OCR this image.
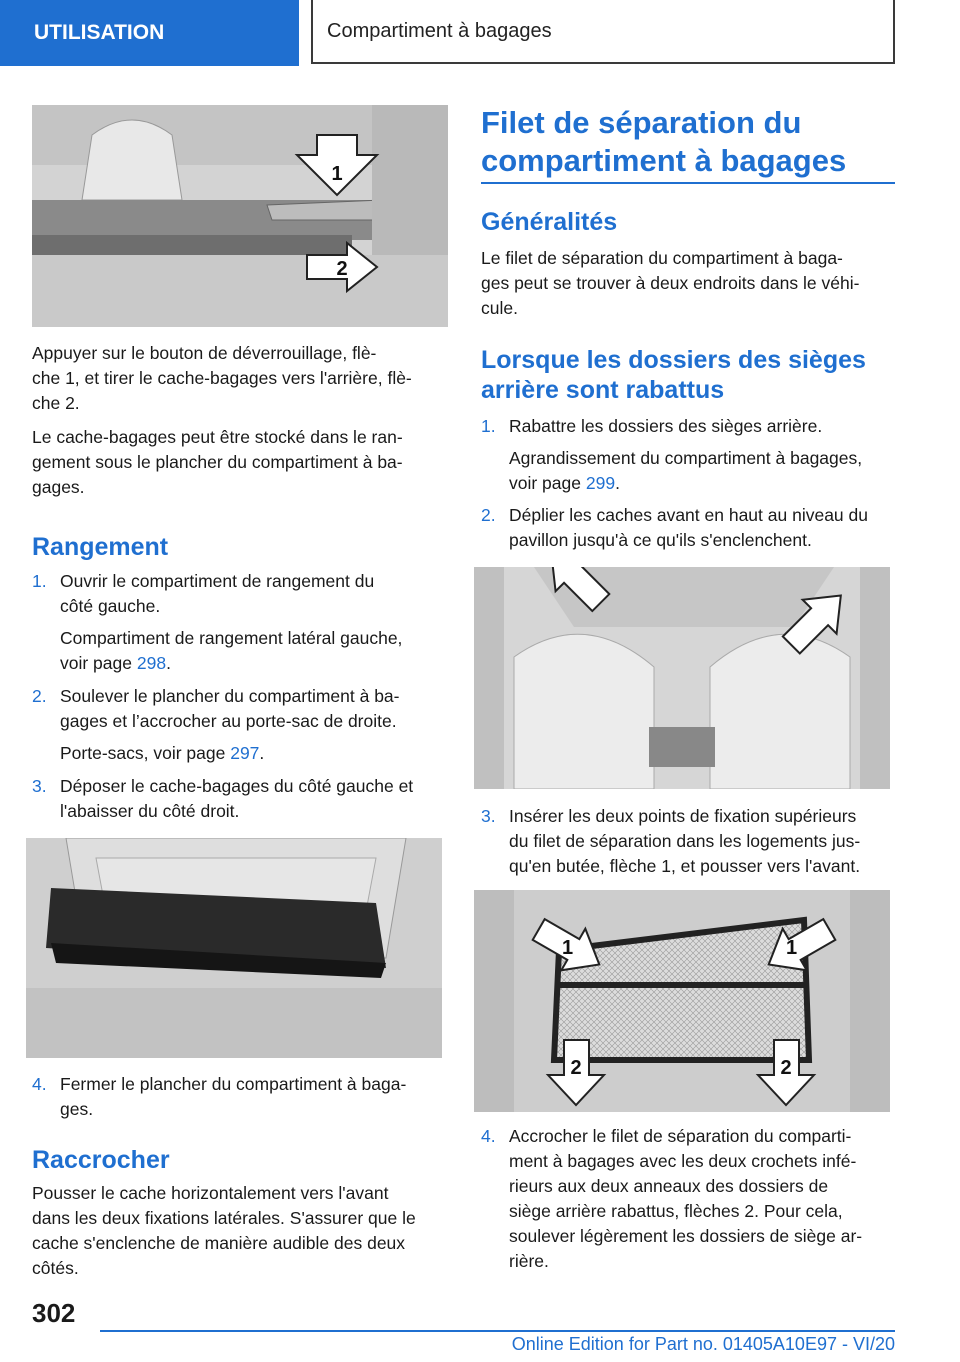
UTILISATION	Compartiment à bagages
1
2

Appuyer sur le bouton de déverrouillage, flè-
che 1, et tirer le cache-bagages vers l'arrière, flè-
che 2.

Le cache-bagages peut être stocké dans le ran-
gement sous le plancher du compartiment à ba-
gages.

Rangement
1. Ouvrir le compartiment de rangement du
côté gauche.
Compartiment de rangement latéral gauche,
voir page 298.
2. Soulever le plancher du compartiment à ba-
gages et l’accrocher au porte-sac de droite.
Porte-sacs, voir page 297.
3. Déposer le cache-bagages du côté gauche et
l'abaisser du côté droit.
4. Fermer le plancher du compartiment à baga-
ges.
Raccrocher

Pousser le cache horizontalement vers l'avant
dans les deux fixations latérales. S'assurer que le
cache s'enclenche de manière audible des deux
côtés.

Filet de séparation du
compartiment à bagages
Généralités

Le filet de séparation du compartiment à baga-
ges peut se trouver à deux endroits dans le véhi-
cule.

Lorsque les dossiers des sièges
arrière sont rabattus
1. Rabattre les dossiers des sièges arrière.
Agrandissement du compartiment à bagages,
voir page 299.
2. Déplier les caches avant en haut au niveau du
pavillon jusqu'à ce qu'ils s'enclenchent.
3. Insérer les deux points de fixation supérieurs
du filet de séparation dans les logements jus-
qu'en butée, flèche 1, et pousser vers l'avant.
1	1
2	2
4. Accrocher le filet de séparation du comparti-
ment à bagages avec les deux crochets infé-
rieurs aux deux anneaux des dossiers de
siège arrière rabattus, flèches 2. Pour cela,
soulever légèrement les dossiers de siège ar-
rière.
302
Online Edition for Part no. 01405A10E97 - VI/20
